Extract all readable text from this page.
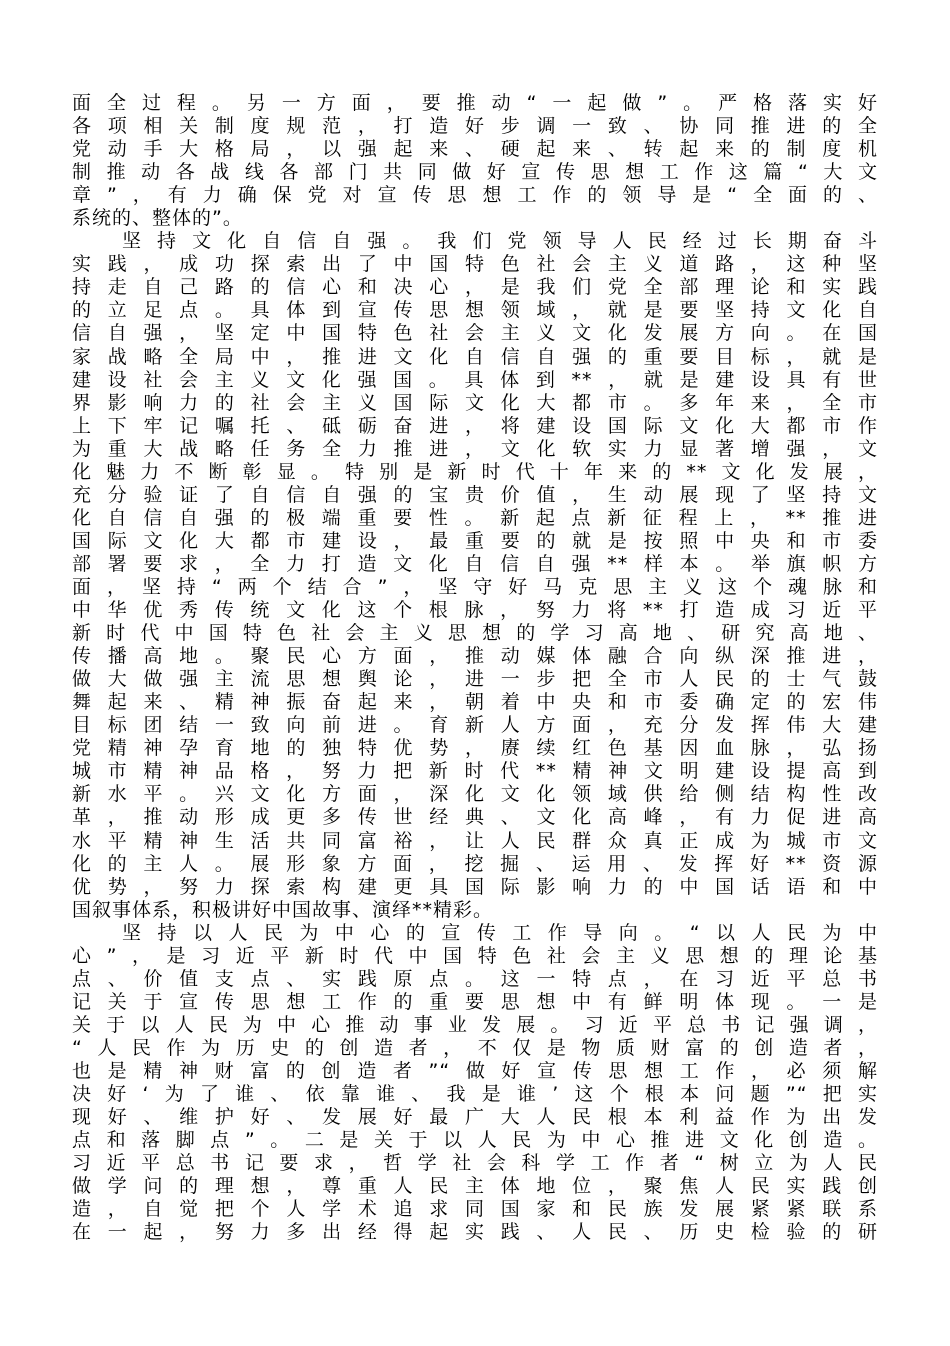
面全过程。另一方面，要推动“一起做”。严格落实好
各项相关制度规范，打造好步调一致、协同推进的全
党动手大格局，以强起来、硬起来、转起来的制度机
制推动各战线各部门共同做好宣传思想工作这篇“大文
章”，有力确保党对宣传思想工作的领导是“全面的、
系统的、整体的”。
坚持文化自信自强。我们党领导人民经过长期奋斗
实践，成功探索出了中国特色社会主义道路，这种坚
持走自己路的信心和决心，是我们党全部理论和实践
的立足点。具体到宣传思想领域，就是要坚持文化自
信自强，坚定中国特色社会主义文化发展方向。在国
家战略全局中，推进文化自信自强的重要目标，就是
建设社会主义文化强国。具体到**，就是建设具有世
界影响力的社会主义国际文化大都市。多年来，全市
上下牢记嘱托、砥砺奋进，将建设国际文化大都市作
为重大战略任务全力推进，文化软实力显著增强，文
化魅力不断彰显。特别是新时代十年来的**文化发展，
充分验证了自信自强的宝贵价值，生动展现了坚持文
化自信自强的极端重要性。新起点新征程上，**推进
国际文化大都市建设，最重要的就是按照中央和市委
部署要求，全力打造文化自信自强**样本。举旗帜方
面，坚持“两个结合”，坚守好马克思主义这个魂脉和
中华优秀传统文化这个根脉，努力将**打造成习近平
新时代中国特色社会主义思想的学习高地、研究高地、
传播高地。聚民心方面，推动媒体融合向纵深推进，
做大做强主流思想舆论，进一步把全市人民的士气鼓
舞起来、精神振奋起来，朝着中央和市委确定的宏伟
目标团结一致向前进。育新人方面，充分发挥伟大建
党精神孕育地的独特优势，赓续红色基因血脉，弘扬
城市精神品格，努力把新时代**精神文明建设提高到
新水平。兴文化方面，深化文化领域供给侧结构性改
革，推动形成更多传世经典、文化高峰，有力促进高
水平精神生活共同富裕，让人民群众真正成为城市文
化的主人。展形象方面，挖掘、运用、发挥好**资源
优势，努力探索构建更具国际影响力的中国话语和中
国叙事体系，积极讲好中国故事、演绎**精彩。
坚持以人民为中心的宣传工作导向。“以人民为中
心”，是习近平新时代中国特色社会主义思想的理论基
点、价值支点、实践原点。这一特点，在习近平总书
记关于宣传思想工作的重要思想中有鲜明体现。一是
关于以人民为中心推动事业发展。习近平总书记强调，
“人民作为历史的创造者，不仅是物质财富的创造者，
也是精神财富的创造者”“做好宣传思想工作，必须解
决好‘为了谁、依靠谁、我是谁’这个根本问题”“把实
现好、维护好、发展好最广大人民根本利益作为出发
点和落脚点”。二是关于以人民为中心推进文化创造。
习近平总书记要求，哲学社会科学工作者“树立为人民
做学问的理想，尊重人民主体地位，聚焦人民实践创
造，自觉把个人学术追求同国家和民族发展紧紧联系
在一起，努力多出经得起实践、人民、历史检验的研
